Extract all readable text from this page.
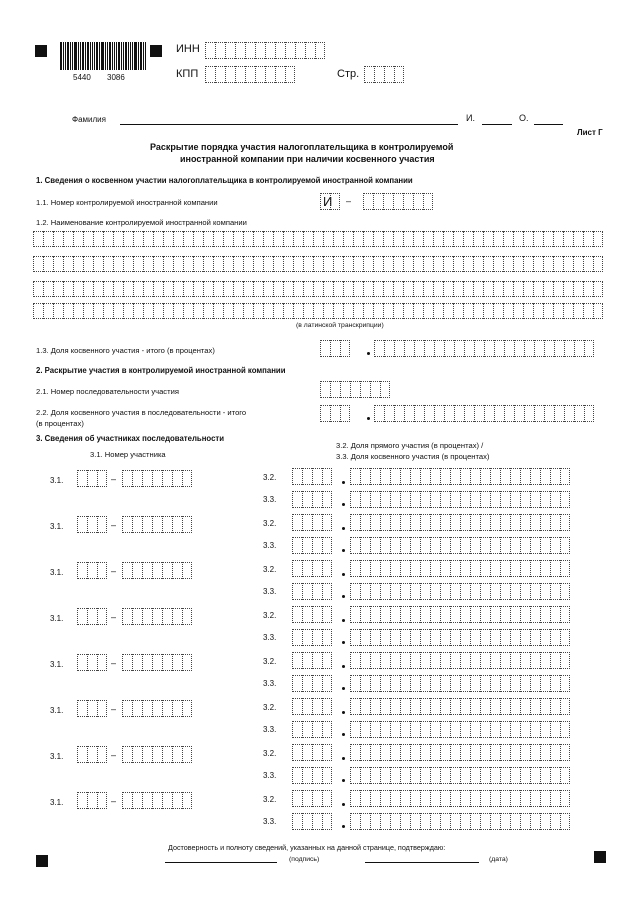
5440 3086
ИНН
КПП	Стр.
Фамилия	И.	О.
Лист Г
Раскрытие порядка участия налогоплательщика в контролируемой
иностранной компании при наличии косвенного участия
1. Сведения о косвенном участии налогоплательщика в контролируемой иностранной компании
1.1. Номер контролируемой иностранной компании	И –
1.2. Наименование контролируемой иностранной компании
(в латинской транскрипции)
1.3. Доля косвенного участия - итого (в процентах)
2. Раскрытие участия в контролируемой иностранной компании
2.1. Номер последовательности участия
2.2. Доля косвенного участия в последовательности - итого
(в процентах)
3. Сведения об участниках последовательности
3.1. Номер участника
3.2. Доля прямого участия (в процентах) /
3.3. Доля косвенного участия (в процентах)
3.1.	–	3.2.
3.3.
3.1.	–	3.2.
3.3.
3.1.	–	3.2.
3.3.
3.1.	–	3.2.
3.3.
3.1.	–	3.2.
3.3.
3.1.	–	3.2.
3.3.
3.1.	–	3.2.
3.3.
3.1.	–	3.2.
3.3.
Достоверность и полноту сведений, указанных на данной странице, подтверждаю:
(подпись)	(дата)
